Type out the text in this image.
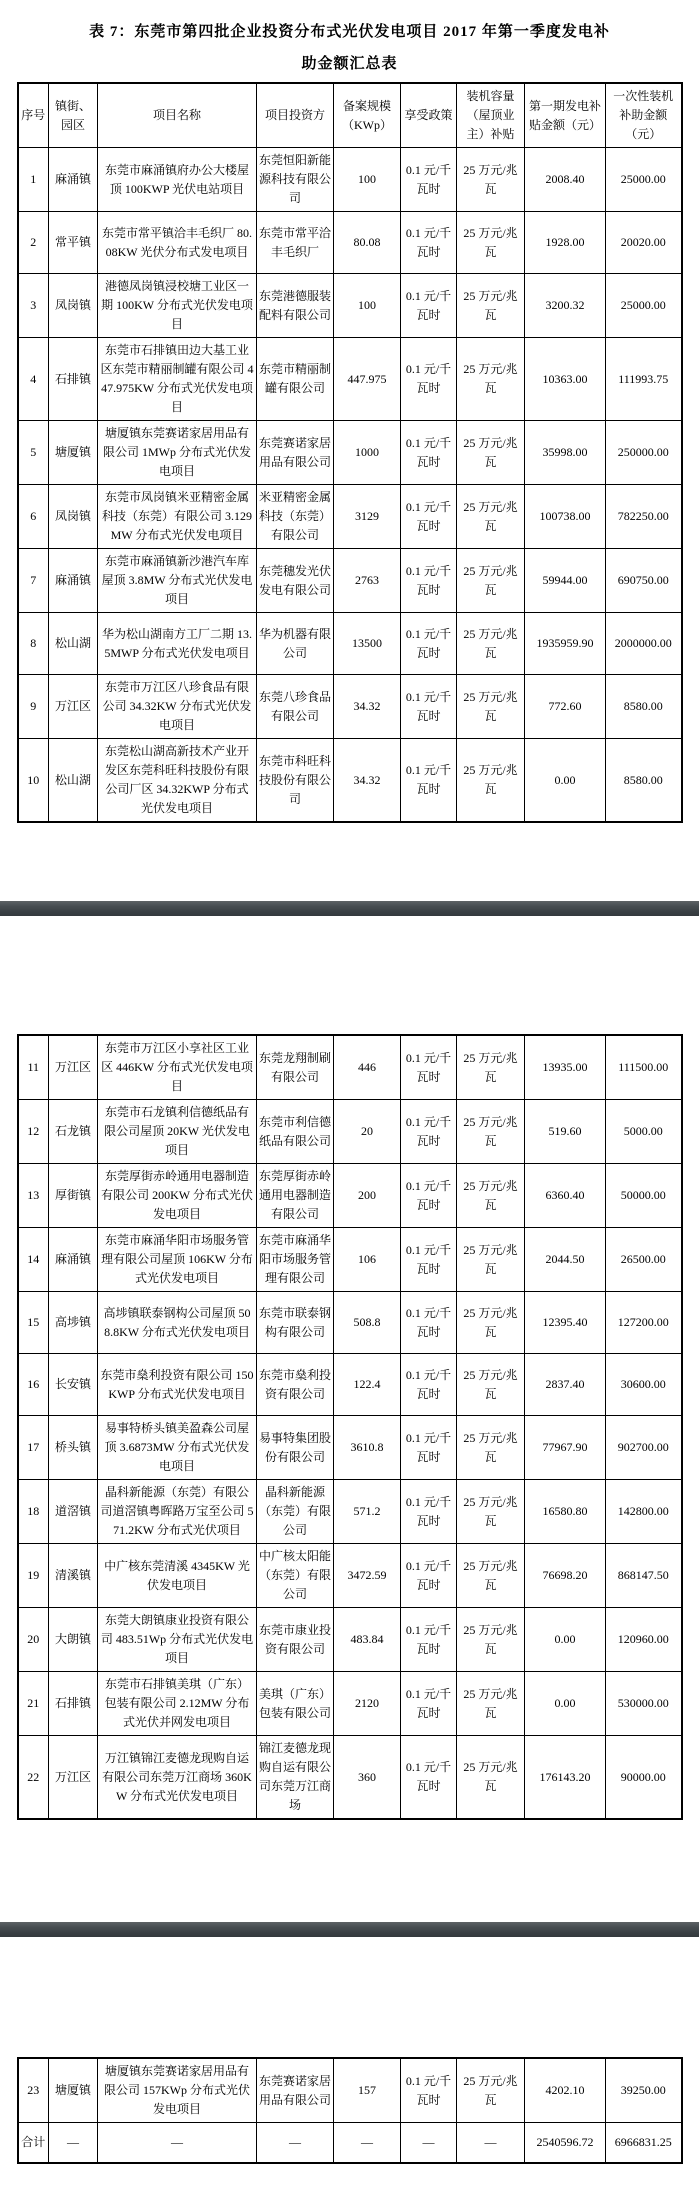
表 7：东莞市第四批企业投资分布式光伏发电项目 2017 年第一季度发电补
助金额汇总表
序号	镇街、园区	项目名称	项目投资方	备案规模（KWp）	享受政策	装机容量（屋顶业主）补贴	第一期发电补贴金额（元）	一次性装机补助金额（元）
1	麻涌镇	东莞市麻涌镇府办公大楼屋顶 100KWP 光伏电站项目	东莞恒阳新能源科技有限公司	100	0.1 元/千瓦时	25 万元/兆瓦	2008.40	25000.00
2	常平镇	东莞市常平镇洽丰毛织厂 80.08KW 光伏分布式发电项目	东莞市常平洽丰毛织厂	80.08	0.1 元/千瓦时	25 万元/兆瓦	1928.00	20020.00
3	凤岗镇	港德凤岗镇浸校塘工业区一期 100KW 分布式光伏发电项目	东莞港德服装配料有限公司	100	0.1 元/千瓦时	25 万元/兆瓦	3200.32	25000.00
4	石排镇	东莞市石排镇田边大基工业区东莞市精丽制罐有限公司 447.975KW 分布式光伏发电项目	东莞市精丽制罐有限公司	447.975	0.1 元/千瓦时	25 万元/兆瓦	10363.00	111993.75
5	塘厦镇	塘厦镇东莞赛诺家居用品有限公司 1MWp 分布式光伏发电项目	东莞赛诺家居用品有限公司	1000	0.1 元/千瓦时	25 万元/兆瓦	35998.00	250000.00
6	凤岗镇	东莞市凤岗镇米亚精密金属科技（东莞）有限公司 3.129MW 分布式光伏发电项目	米亚精密金属科技（东莞）有限公司	3129	0.1 元/千瓦时	25 万元/兆瓦	100738.00	782250.00
7	麻涌镇	东莞市麻涌镇新沙港汽车库屋顶 3.8MW 分布式光伏发电项目	东莞穗发光伏发电有限公司	2763	0.1 元/千瓦时	25 万元/兆瓦	59944.00	690750.00
8	松山湖	华为松山湖南方工厂二期 13.5MWP 分布式光伏发电项目	华为机器有限公司	13500	0.1 元/千瓦时	25 万元/兆瓦	1935959.90	2000000.00
9	万江区	东莞市万江区八珍食品有限公司 34.32KW 分布式光伏发电项目	东莞八珍食品有限公司	34.32	0.1 元/千瓦时	25 万元/兆瓦	772.60	8580.00
10	松山湖	东莞松山湖高新技术产业开发区东莞科旺科技股份有限公司厂区 34.32KWP 分布式光伏发电项目	东莞市科旺科技股份有限公司	34.32	0.1 元/千瓦时	25 万元/兆瓦	0.00	8580.00
11	万江区	东莞市万江区小享社区工业区 446KW 分布式光伏发电项目	东莞龙翔制刷有限公司	446	0.1 元/千瓦时	25 万元/兆瓦	13935.00	111500.00
12	石龙镇	东莞市石龙镇利信德纸品有限公司屋顶 20KW 光伏发电项目	东莞市利信德纸品有限公司	20	0.1 元/千瓦时	25 万元/兆瓦	519.60	5000.00
13	厚街镇	东莞厚街赤岭通用电器制造有限公司 200KW 分布式光伏发电项目	东莞厚街赤岭通用电器制造有限公司	200	0.1 元/千瓦时	25 万元/兆瓦	6360.40	50000.00
14	麻涌镇	东莞市麻涌华阳市场服务管理有限公司屋顶 106KW 分布式光伏发电项目	东莞市麻涌华阳市场服务管理有限公司	106	0.1 元/千瓦时	25 万元/兆瓦	2044.50	26500.00
15	高埗镇	高埗镇联泰钢构公司屋顶 508.8KW 分布式光伏发电项目	东莞市联泰钢构有限公司	508.8	0.1 元/千瓦时	25 万元/兆瓦	12395.40	127200.00
16	长安镇	东莞市燊利投资有限公司 150KWP 分布式光伏发电项目	东莞市燊利投资有限公司	122.4	0.1 元/千瓦时	25 万元/兆瓦	2837.40	30600.00
17	桥头镇	易事特桥头镇美盈森公司屋顶 3.6873MW 分布式光伏发电项目	易事特集团股份有限公司	3610.8	0.1 元/千瓦时	25 万元/兆瓦	77967.90	902700.00
18	道滘镇	晶科新能源（东莞）有限公司道滘镇粤晖路万宝至公司 571.2KW 分布式光伏项目	晶科新能源（东莞）有限公司	571.2	0.1 元/千瓦时	25 万元/兆瓦	16580.80	142800.00
19	清溪镇	中广核东莞清溪 4345KW 光伏发电项目	中广核太阳能（东莞）有限公司	3472.59	0.1 元/千瓦时	25 万元/兆瓦	76698.20	868147.50
20	大朗镇	东莞大朗镇康业投资有限公司 483.51Wp 分布式光伏发电项目	东莞市康业投资有限公司	483.84	0.1 元/千瓦时	25 万元/兆瓦	0.00	120960.00
21	石排镇	东莞市石排镇美琪（广东）包装有限公司 2.12MW 分布式光伏并网发电项目	美琪（广东）包装有限公司	2120	0.1 元/千瓦时	25 万元/兆瓦	0.00	530000.00
22	万江区	万江镇锦江麦德龙现购自运有限公司东莞万江商场 360KW 分布式光伏发电项目	锦江麦德龙现购自运有限公司东莞万江商场	360	0.1 元/千瓦时	25 万元/兆瓦	176143.20	90000.00
23	塘厦镇	塘厦镇东莞赛诺家居用品有限公司 157KWp 分布式光伏发电项目	东莞赛诺家居用品有限公司	157	0.1 元/千瓦时	25 万元/兆瓦	4202.10	39250.00
合计	—	—	—	—	—	—	2540596.72	6966831.25
